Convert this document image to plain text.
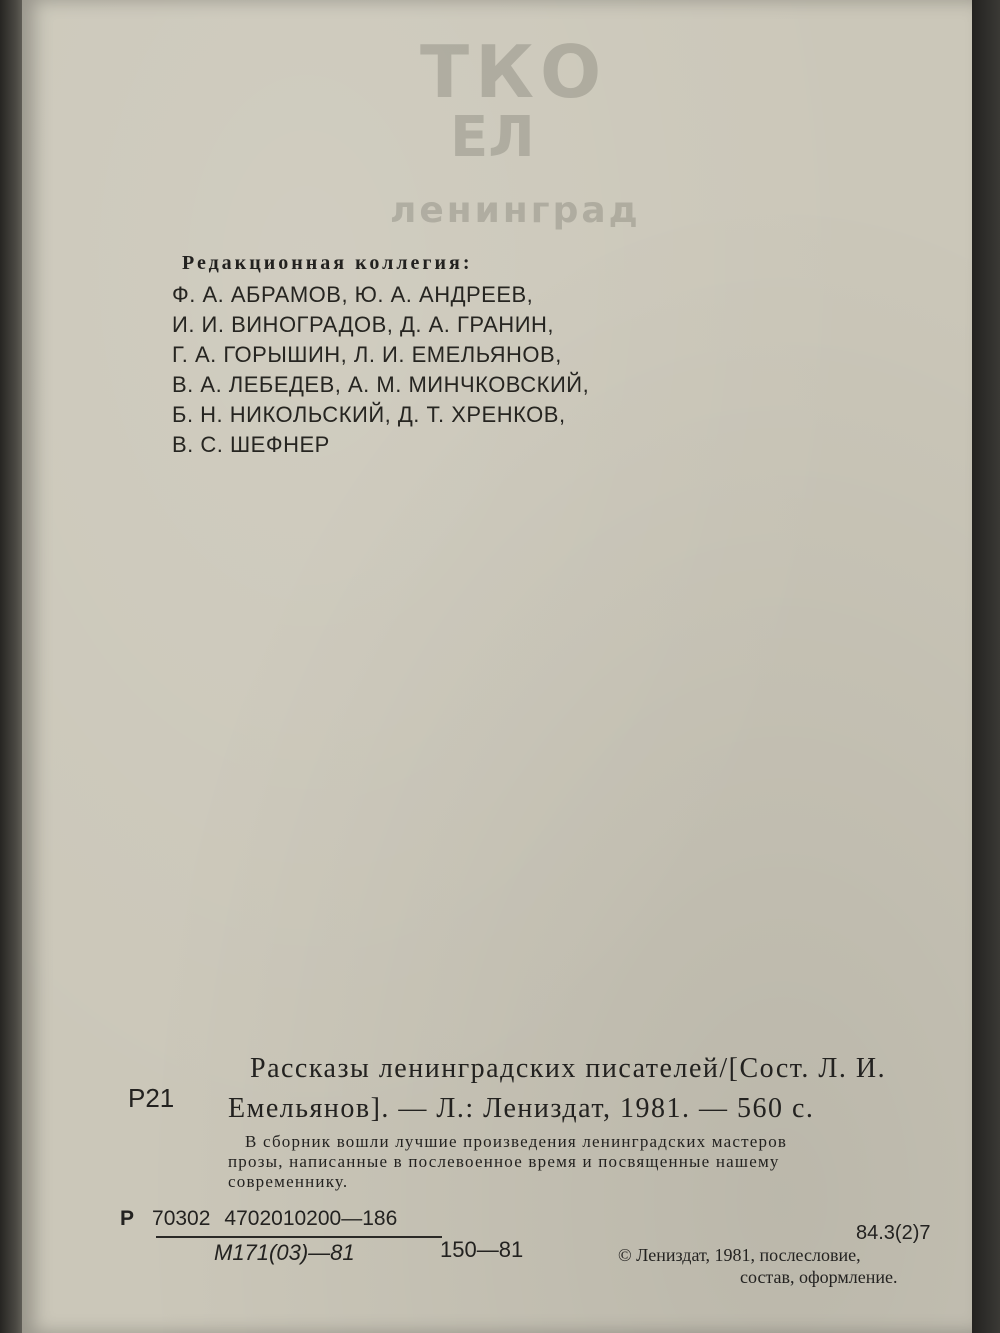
ТКО
ЕЛ
ленинград
Редакционная коллегия:
Ф. А. АБРАМОВ, Ю. А. АНДРЕЕВ,
И. И. ВИНОГРАДОВ, Д. А. ГРАНИН,
Г. А. ГОРЫШИН, Л. И. ЕМЕЛЬЯНОВ,
В. А. ЛЕБЕДЕВ, А. М. МИНЧКОВСКИЙ,
Б. Н. НИКОЛЬСКИЙ, Д. Т. ХРЕНКОВ,
В. С. ШЕФНЕР
Р21
Рассказы ленинградских писателей/[Сост. Л. И.
Емельянов]. — Л.: Лениздат, 1981. — 560 с.
В сборник вошли лучшие произведения ленинградских мастеров
прозы, написанные в послевоенное время и посвященные нашему
современнику.
Р 70302 4702010200—186
М171(03)—81	150—81
84.3(2)7
© Лениздат, 1981, послесловие,
состав, оформление.
